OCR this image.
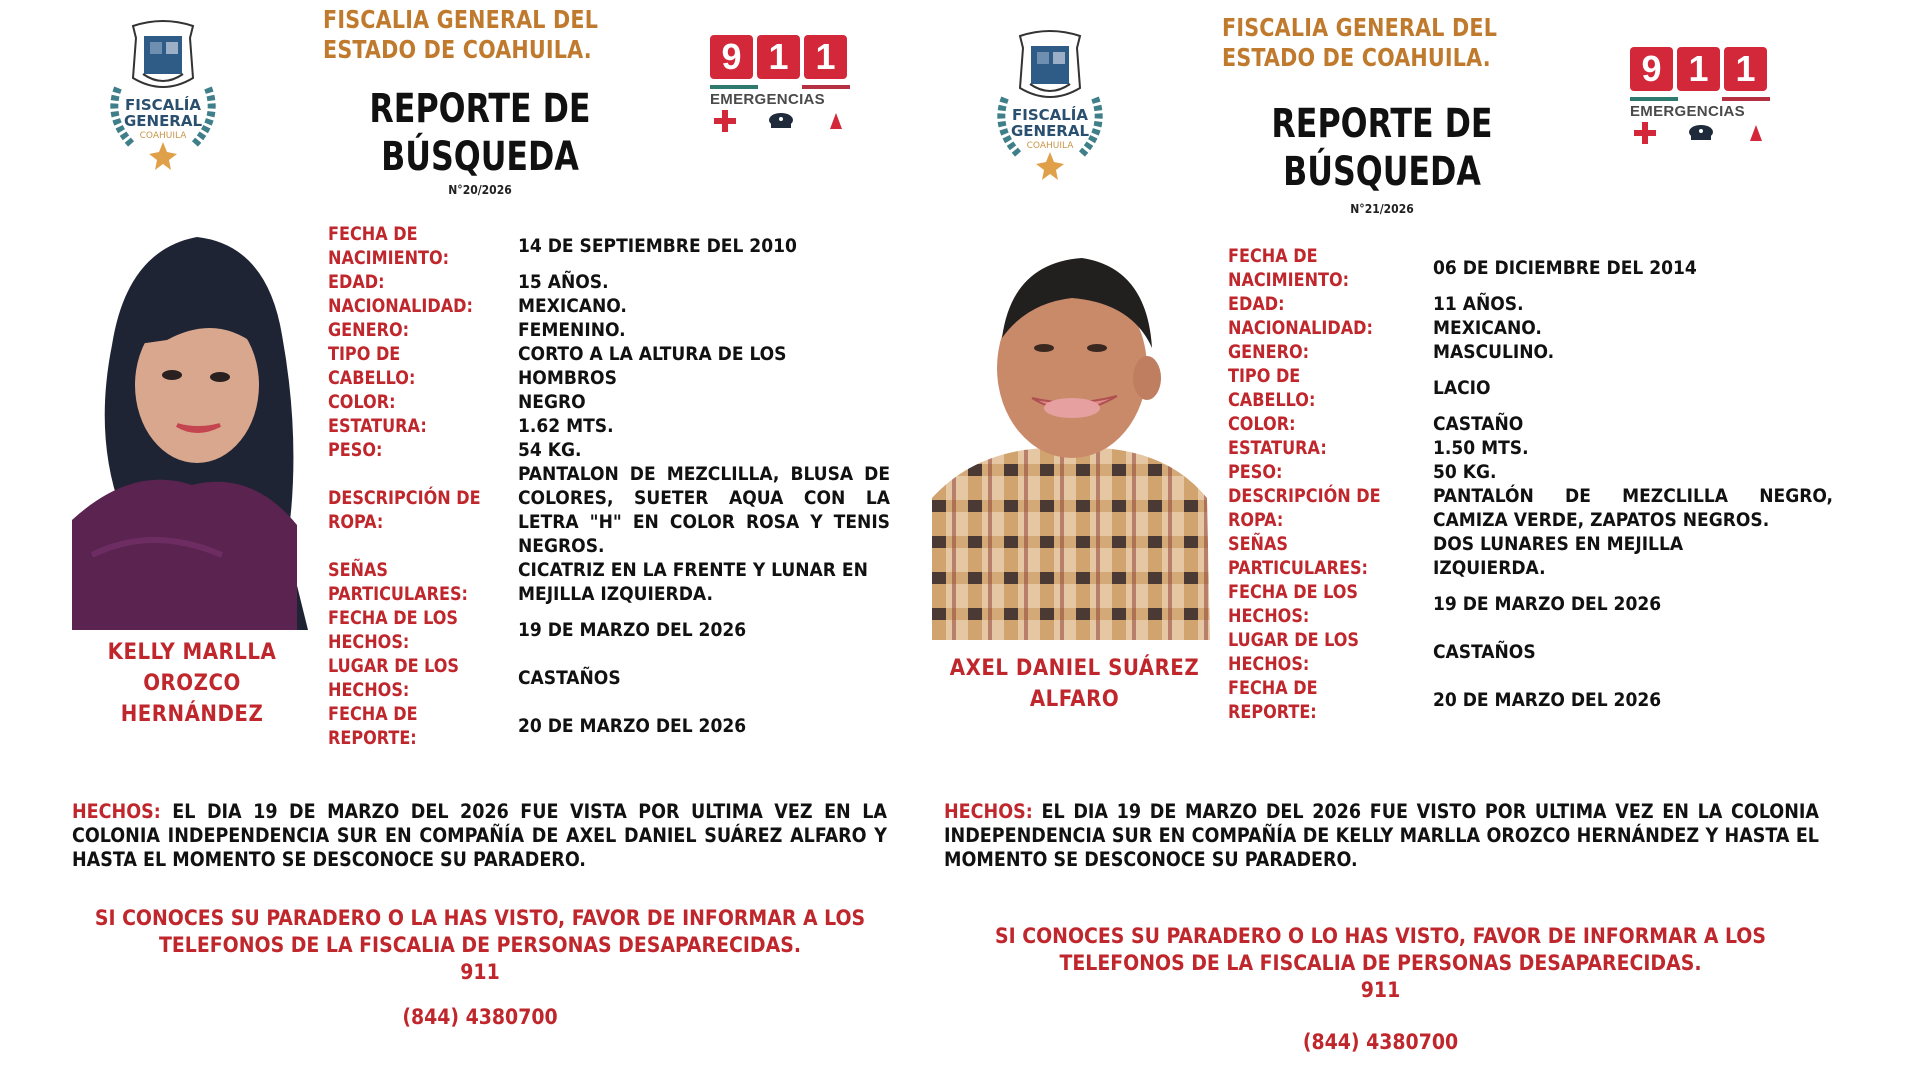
FISCALÍA
GENERAL
COAHUILA
FISCALIA GENERAL DEL
ESTADO DE COAHUILA.
REPORTE DE
BÚSQUEDA
N°20/2026
9 1 1
EMERGENCIAS
KELLY MARLLA
OROZCO
HERNÁNDEZ
FECHA DE NACIMIENTO:
14 DE SEPTIEMBRE DEL 2010
EDAD:	15 AÑOS.
NACIONALIDAD:	MEXICANO.
GENERO:	FEMENINO.
TIPO DE CABELLO:
CORTO A LA ALTURA DE LOS HOMBROS
COLOR:	NEGRO
ESTATURA:	1.62 MTS.
PESO:	54 KG.
DESCRIPCIÓN DE ROPA:
PANTALON DE MEZCLILLA, BLUSA DE COLORES, SUETER AQUA CON LA LETRA "H" EN COLOR ROSA Y TENIS NEGROS.
SEÑAS PARTICULARES:
CICATRIZ EN LA FRENTE Y LUNAR EN MEJILLA IZQUIERDA.
FECHA DE LOS HECHOS:
19 DE MARZO DEL 2026
LUGAR DE LOS HECHOS:
CASTAÑOS
FECHA DE REPORTE:
20 DE MARZO DEL 2026
HECHOS: EL DIA 19 DE MARZO DEL 2026 FUE VISTA POR ULTIMA VEZ EN LA COLONIA INDEPENDENCIA SUR EN COMPAÑÍA DE AXEL DANIEL SUÁREZ ALFARO Y HASTA EL MOMENTO SE DESCONOCE SU PARADERO.
SI CONOCES SU PARADERO O LA HAS VISTO, FAVOR DE INFORMAR A LOS TELEFONOS DE LA FISCALIA DE PERSONAS DESAPARECIDAS.
911
(844) 4380700
FISCALÍA
GENERAL
COAHUILA
FISCALIA GENERAL DEL
ESTADO DE COAHUILA.
REPORTE DE
BÚSQUEDA
N°21/2026
9 1 1
EMERGENCIAS
AXEL DANIEL SUÁREZ
ALFARO
FECHA DE NACIMIENTO:
06 DE DICIEMBRE DEL 2014
EDAD:	11 AÑOS.
NACIONALIDAD:	MEXICANO.
GENERO:	MASCULINO.
TIPO DE CABELLO:
LACIO
COLOR:	CASTAÑO
ESTATURA:	1.50 MTS.
PESO:	50 KG.
DESCRIPCIÓN DE ROPA:
PANTALÓN DE MEZCLILLA NEGRO, CAMIZA VERDE, ZAPATOS NEGROS.
SEÑAS PARTICULARES:
DOS LUNARES EN MEJILLA IZQUIERDA.
FECHA DE LOS HECHOS:
19 DE MARZO DEL 2026
LUGAR DE LOS HECHOS:
CASTAÑOS
FECHA DE REPORTE:
20 DE MARZO DEL 2026
HECHOS: EL DIA 19 DE MARZO DEL 2026 FUE VISTO POR ULTIMA VEZ EN LA COLONIA INDEPENDENCIA SUR EN COMPAÑÍA DE KELLY MARLLA OROZCO HERNÁNDEZ Y HASTA EL MOMENTO SE DESCONOCE SU PARADERO.
SI CONOCES SU PARADERO O LO HAS VISTO, FAVOR DE INFORMAR A LOS TELEFONOS DE LA FISCALIA DE PERSONAS DESAPARECIDAS.
911
(844) 4380700
